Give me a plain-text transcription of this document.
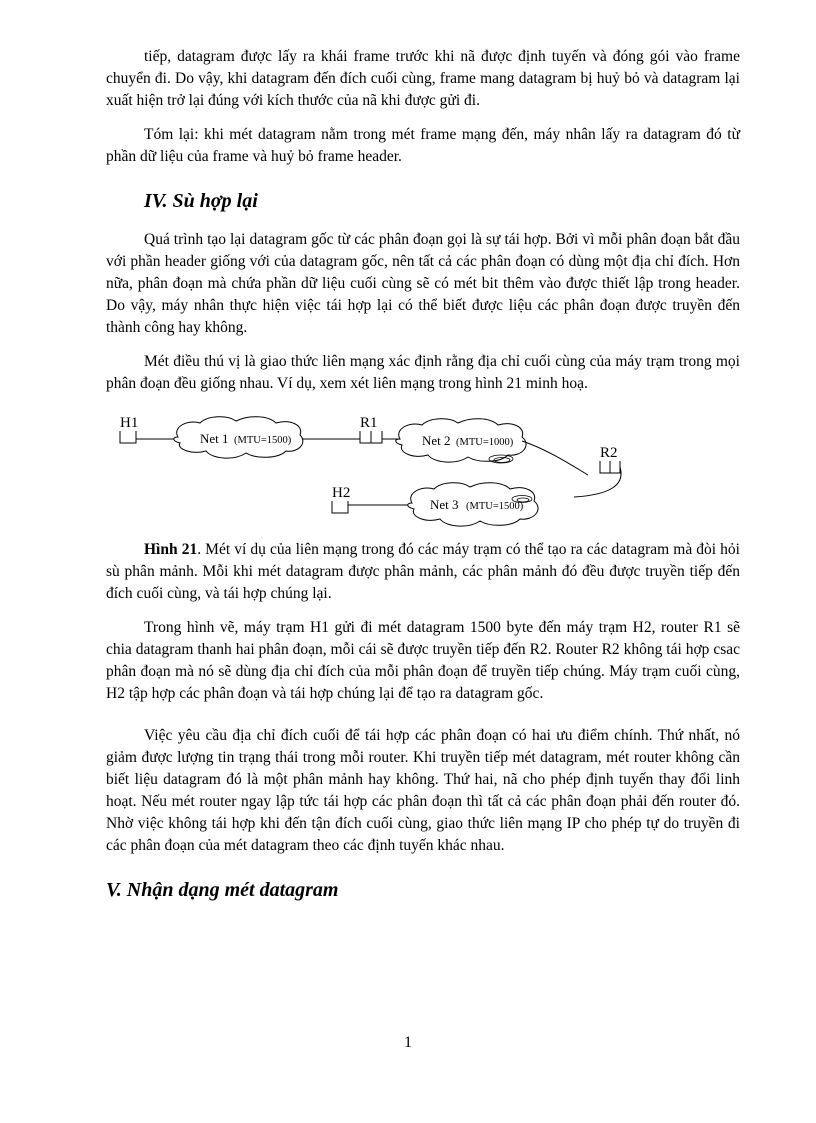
tiếp, datagram được lấy ra khái frame trước khi nã được định tuyến và đóng gói vào frame chuyển đi. Do vậy, khi datagram đến đích cuối cùng, frame mang datagram bị huỷ bỏ và datagram lại xuất hiện trở lại đúng với kích thước của nã khi được gửi đi.

Tóm lại: khi mét datagram nằm trong mét frame mạng đến, máy nhân lấy ra datagram đó từ phần dữ liệu của frame và huỷ bỏ frame header.

IV. Sù hợp lại

Quá trình tạo lại datagram gốc từ các phân đoạn gọi là sự tái hợp. Bởi vì mỗi phân đoạn bắt đầu với phần header giống với của datagram gốc, nên tất cả các phân đoạn có dùng một địa chỉ đích. Hơn nữa, phân đoạn mà chứa phần dữ liệu cuối cùng sẽ có mét bit thêm vào được thiết lập trong header. Do vậy, máy nhân thực hiện việc tái hợp lại có thể biết được liệu các phân đoạn được truyền đến thành công hay không.

Mét điều thú vị là giao thức liên mạng xác định rằng địa chỉ cuối cùng của máy trạm trong mọi phân đoạn đều giống nhau. Ví dụ, xem xét liên mạng trong hình 21 minh hoạ.

Net 1 (MTU=1500)	Net 2 (MTU=1000)
Net 3 (MTU=1500)
H1	R1
R2
H2

Hình 21. Mét ví dụ của liên mạng trong đó các máy trạm có thể tạo ra các datagram mà đòi hỏi sù phân mảnh. Mỗi khi mét datagram được phân mảnh, các phân mảnh đó đều được truyền tiếp đến đích cuối cùng, và tái hợp chúng lại.

Trong hình vẽ, máy trạm H1 gửi đi mét datagram 1500 byte đến máy trạm H2, router R1 sẽ chia datagram thanh hai phân đoạn, mỗi cái sẽ được truyền tiếp đến R2. Router R2 không tái hợp csac phân đoạn mà nó sẽ dùng địa chỉ đích của mỗi phân đoạn để truyền tiếp chúng. Máy trạm cuối cùng, H2 tập hợp các phân đoạn và tái hợp chúng lại để tạo ra datagram gốc.

Việc yêu cầu địa chỉ đích cuối để tái hợp các phân đoạn có hai ưu điểm chính. Thứ nhất, nó giảm được lượng tin trạng thái trong mỗi router. Khi truyền tiếp mét datagram, mét router không cần biết liệu datagram đó là một phân mảnh hay không. Thứ hai, nã cho phép định tuyến thay đổi linh hoạt. Nếu mét router ngay lập tức tái hợp các phân đoạn thì tất cả các phân đoạn phải đến router đó. Nhờ việc không tái hợp khi đến tận đích cuối cùng, giao thức liên mạng IP cho phép tự do truyền đi các phân đoạn của mét datagram theo các định tuyến khác nhau.

V. Nhận dạng mét datagram
1
